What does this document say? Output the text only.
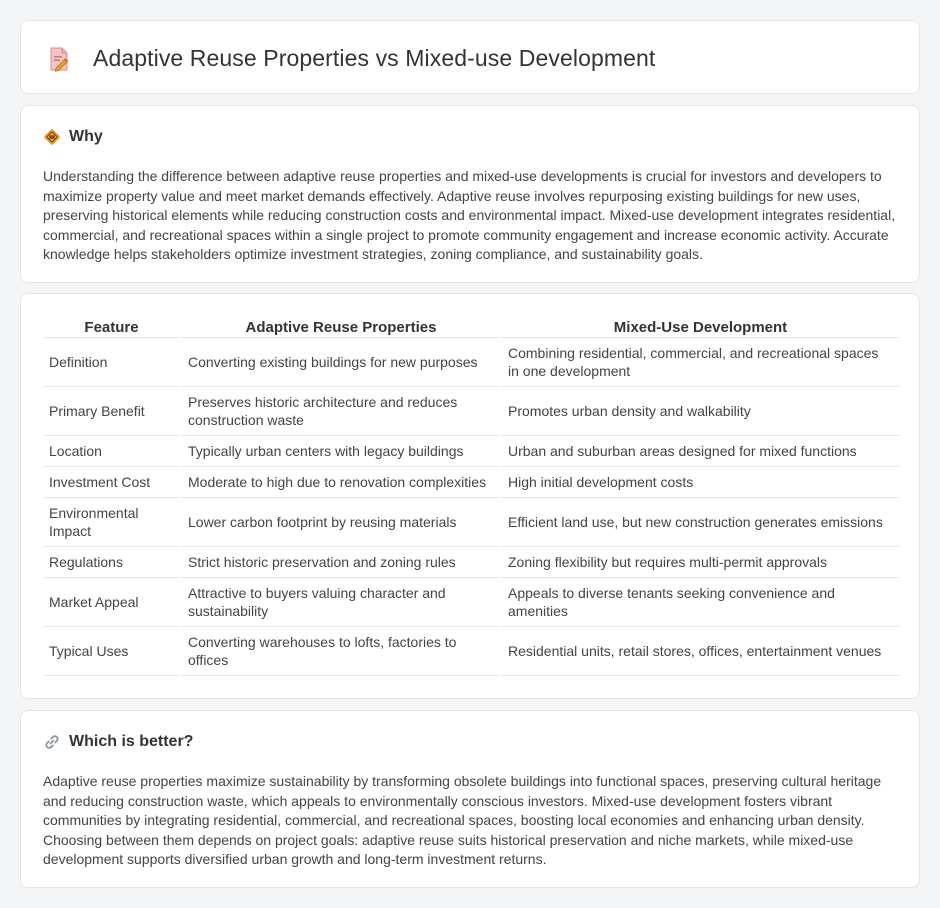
Adaptive Reuse Properties vs Mixed-use Development
Why

Understanding the difference between adaptive reuse properties and mixed-use developments is crucial for investors and developers to maximize property value and meet market demands effectively. Adaptive reuse involves repurposing existing buildings for new uses, preserving historical elements while reducing construction costs and environmental impact. Mixed-use development integrates residential, commercial, and recreational spaces within a single project to promote community engagement and increase economic activity. Accurate knowledge helps stakeholders optimize investment strategies, zoning compliance, and sustainability goals.

Feature	Adaptive Reuse Properties	Mixed-Use Development
Definition	Converting existing buildings for new purposes	Combining residential, commercial, and recreational spaces in one development
Primary Benefit	Preserves historic architecture and reduces construction waste	Promotes urban density and walkability
Location	Typically urban centers with legacy buildings	Urban and suburban areas designed for mixed functions
Investment Cost	Moderate to high due to renovation complexities	High initial development costs
Environmental Impact	Lower carbon footprint by reusing materials	Efficient land use, but new construction generates emissions
Regulations	Strict historic preservation and zoning rules	Zoning flexibility but requires multi-permit approvals
Market Appeal	Attractive to buyers valuing character and sustainability	Appeals to diverse tenants seeking convenience and amenities
Typical Uses	Converting warehouses to lofts, factories to offices	Residential units, retail stores, offices, entertainment venues
Which is better?

Adaptive reuse properties maximize sustainability by transforming obsolete buildings into functional spaces, preserving cultural heritage and reducing construction waste, which appeals to environmentally conscious investors. Mixed-use development fosters vibrant communities by integrating residential, commercial, and recreational spaces, boosting local economies and enhancing urban density. Choosing between them depends on project goals: adaptive reuse suits historical preservation and niche markets, while mixed-use development supports diversified urban growth and long-term investment returns.
